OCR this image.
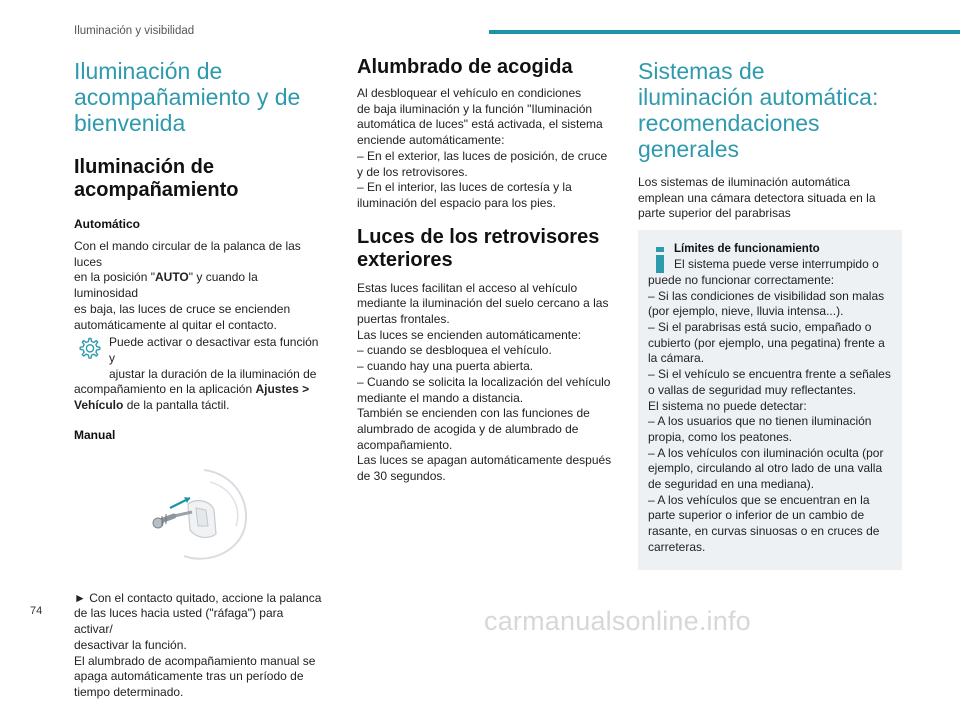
Iluminación y visibilidad
Iluminación de
acompañamiento y de
bienvenida
Iluminación de
acompañamiento
Automático
Con el mando circular de la palanca de las luces
en la posición "AUTO" y cuando la luminosidad
es baja, las luces de cruce se encienden
automáticamente al quitar el contacto.
Puede activar o desactivar esta función y
ajustar la duración de la iluminación de
acompañamiento en la aplicación Ajustes >
Vehículo de la pantalla táctil.
Manual
► Con el contacto quitado, accione la palanca
de las luces hacia usted ("ráfaga") para activar/
desactivar la función.
El alumbrado de acompañamiento manual se
apaga automáticamente tras un período de
tiempo determinado.
Alumbrado de acogida
Al desbloquear el vehículo en condiciones
de baja iluminación y la función "Iluminación
automática de luces" está activada, el sistema
enciende automáticamente:
– En el exterior, las luces de posición, de cruce
y de los retrovisores.
– En el interior, las luces de cortesía y la
iluminación del espacio para los pies.
Luces de los retrovisores
exteriores
Estas luces facilitan el acceso al vehículo
mediante la iluminación del suelo cercano a las
puertas frontales.
Las luces se encienden automáticamente:
– cuando se desbloquea el vehículo.
– cuando hay una puerta abierta.
– Cuando se solicita la localización del vehículo
mediante el mando a distancia.
También se encienden con las funciones de
alumbrado de acogida y de alumbrado de
acompañamiento.
Las luces se apagan automáticamente después
de 30 segundos.
Sistemas de
iluminación automática:
recomendaciones
generales
Los sistemas de iluminación automática
emplean una cámara detectora situada en la
parte superior del parabrisas
Límites de funcionamiento
El sistema puede verse interrumpido o
puede no funcionar correctamente:
– Si las condiciones de visibilidad son malas
(por ejemplo, nieve, lluvia intensa...).
– Si el parabrisas está sucio, empañado o
cubierto (por ejemplo, una pegatina) frente a
la cámara.
– Si el vehículo se encuentra frente a señales
o vallas de seguridad muy reflectantes.
El sistema no puede detectar:
– A los usuarios que no tienen iluminación
propia, como los peatones.
– A los vehículos con iluminación oculta (por
ejemplo, circulando al otro lado de una valla
de seguridad en una mediana).
– A los vehículos que se encuentran en la
parte superior o inferior de un cambio de
rasante, en curvas sinuosas o en cruces de
carreteras.
74	carmanualsonline.info
